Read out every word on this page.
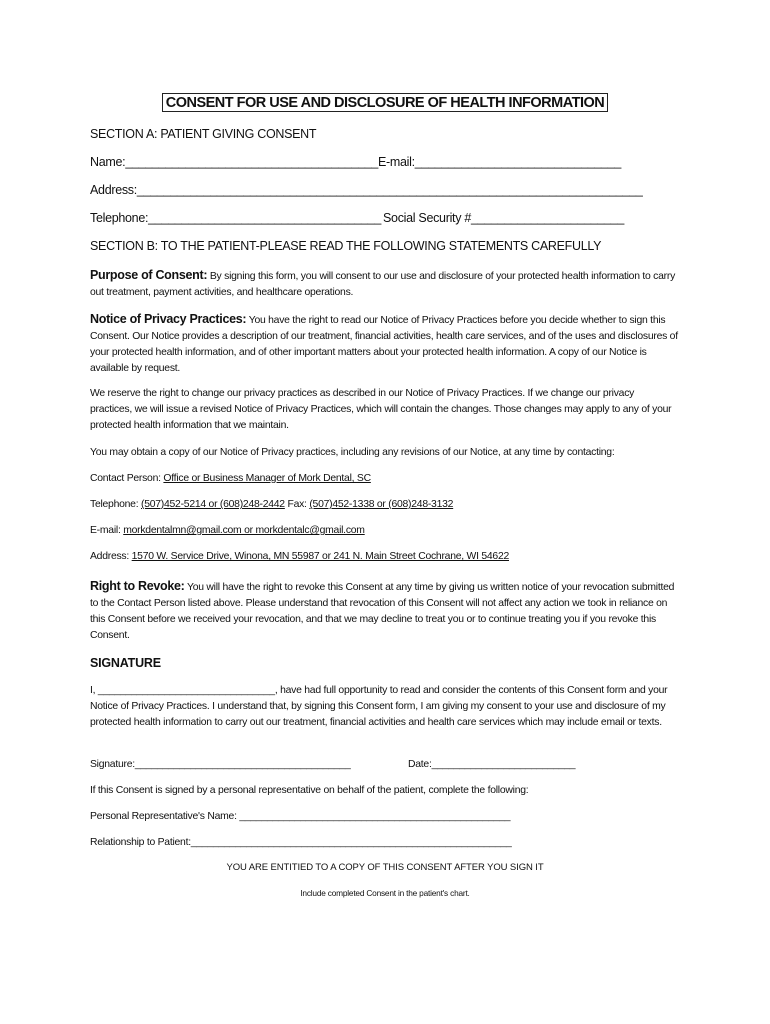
CONSENT FOR USE AND DISCLOSURE OF HEALTH INFORMATION
SECTION A: PATIENT GIVING CONSENT
Name:______________________________________ E-mail:_______________________________
Address:____________________________________________________________________________
Telephone:___________________________________ Social Security #_______________________
SECTION B: TO THE PATIENT-PLEASE READ THE FOLLOWING STATEMENTS CAREFULLY
Purpose of Consent: By signing this form, you will consent to our use and disclosure of your protected health information to carry out treatment, payment activities, and healthcare operations.
Notice of Privacy Practices: You have the right to read our Notice of Privacy Practices before you decide whether to sign this Consent. Our Notice provides a description of our treatment, financial activities, health care services, and of the uses and disclosures of your protected health information, and of other important matters about your protected health information. A copy of our Notice is available by request.
We reserve the right to change our privacy practices as described in our Notice of Privacy Practices. If we change our privacy practices, we will issue a revised Notice of Privacy Practices, which will contain the changes. Those changes may apply to any of your protected health information that we maintain.
You may obtain a copy of our Notice of Privacy practices, including any revisions of our Notice, at any time by contacting:
Contact Person: Office or Business Manager of Mork Dental, SC
Telephone: (507)452-5214 or (608)248-2442 Fax: (507)452-1338 or (608)248-3132
E-mail: morkdentalmn@gmail.com or morkdentalc@gmail.com
Address: 1570 W. Service Drive, Winona, MN 55987 or 241 N. Main Street Cochrane, WI 54622
Right to Revoke: You will have the right to revoke this Consent at any time by giving us written notice of your revocation submitted to the Contact Person listed above. Please understand that revocation of this Consent will not affect any action we took in reliance on this Consent before we received your revocation, and that we may decline to treat you or to continue treating you if you revoke this Consent.
SIGNATURE
I, ________________________________, have had full opportunity to read and consider the contents of this Consent form and your Notice of Privacy Practices. I understand that, by signing this Consent form, I am giving my consent to your use and disclosure of my protected health information to carry out our treatment, financial activities and health care services which may include email or texts.
Signature:_______________________________________	Date:__________________________
If this Consent is signed by a personal representative on behalf of the patient, complete the following:
Personal Representative's Name: _________________________________________________
Relationship to Patient:__________________________________________________________
YOU ARE ENTITIED TO A COPY OF THIS CONSENT AFTER YOU SIGN IT
Include completed Consent in the patient's chart.
